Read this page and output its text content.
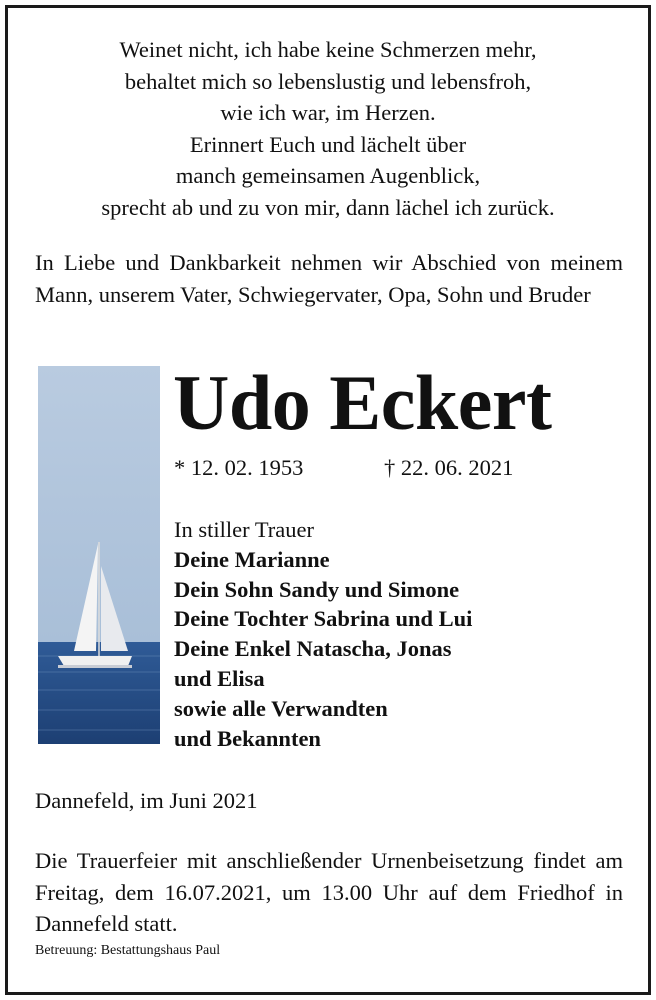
Weinet nicht, ich habe keine Schmerzen mehr,
behaltet mich so lebenslustig und lebensfroh,
wie ich war, im Herzen.
Erinnert Euch und lächelt über
manch gemeinsamen Augenblick,
sprecht ab und zu von mir, dann lächel ich zurück.
In Liebe und Dankbarkeit nehmen wir Abschied von meinem Mann, unserem Vater, Schwiegervater, Opa, Sohn und Bruder
Udo Eckert
* 12. 02. 1953	† 22. 06. 2021
In stiller Trauer
Deine Marianne
Dein Sohn Sandy und Simone
Deine Tochter Sabrina und Lui
Deine Enkel Natascha, Jonas
und Elisa
sowie alle Verwandten
und Bekannten
Dannefeld, im Juni 2021
Die Trauerfeier mit anschließender Urnenbeisetzung findet am Freitag, dem 16.07.2021, um 13.00 Uhr auf dem Friedhof in Dannefeld statt.
Betreuung: Bestattungshaus Paul
